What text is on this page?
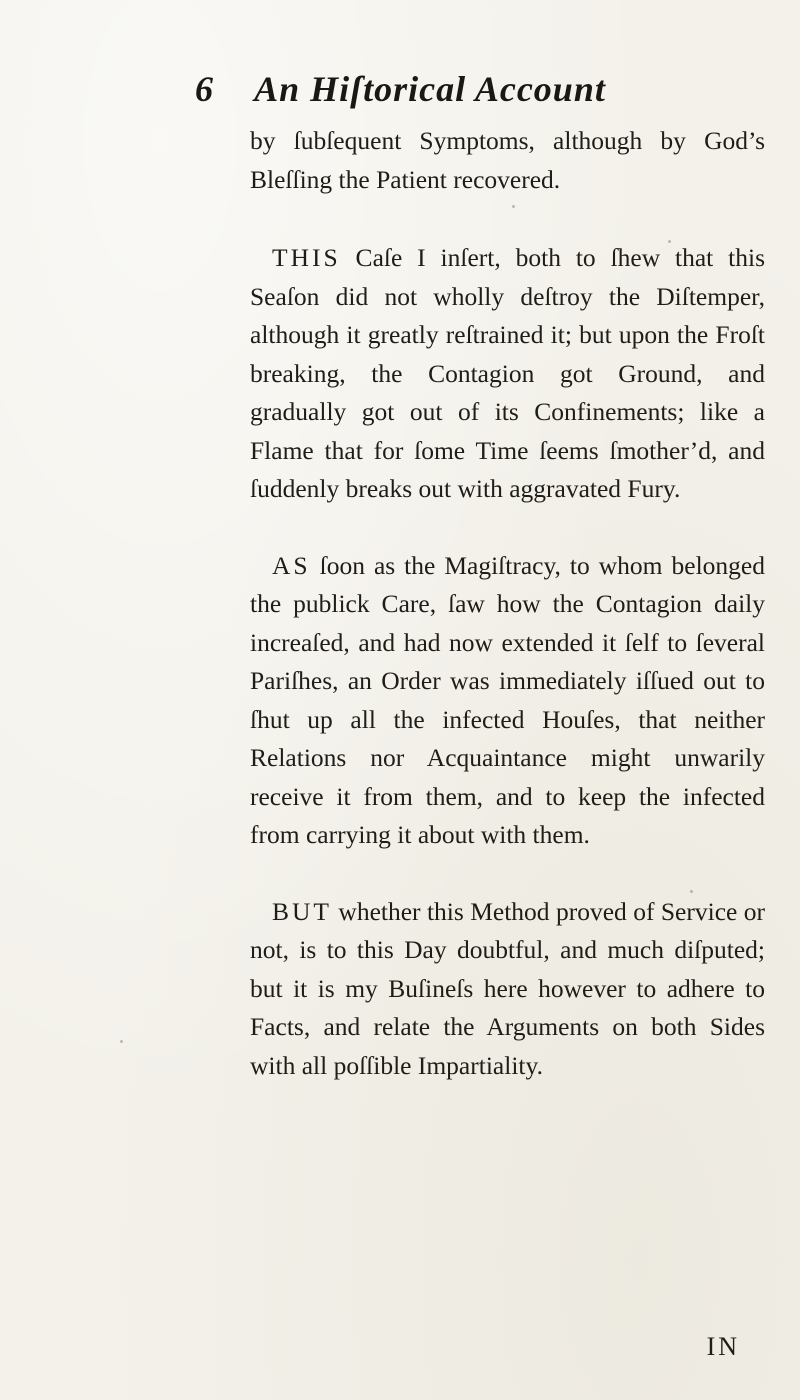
6	An Hiſtorical Account

by ſubſequent Symptoms, although by God’s Bleſſing the Patient recovered.

THIS Caſe I inſert, both to ſhew that this Seaſon did not wholly deſtroy the Diſtemper, although it greatly reſtrained it; but upon the Froſt breaking, the Contagion got Ground, and gradually got out of its Confinements; like a Flame that for ſome Time ſeems ſmother’d, and ſuddenly breaks out with aggravated Fury.

AS ſoon as the Magiſtracy, to whom belonged the publick Care, ſaw how the Contagion daily increaſed, and had now extended it ſelf to ſeveral Pariſhes, an Order was immediately iſſued out to ſhut up all the infected Houſes, that neither Relations nor Acquaintance might unwarily receive it from them, and to keep the infected from carrying it about with them.

BUT whether this Method proved of Service or not, is to this Day doubtful, and much diſputed; but it is my Buſineſs here however to adhere to Facts, and relate the Arguments on both Sides with all poſſible Impartiality.

IN
